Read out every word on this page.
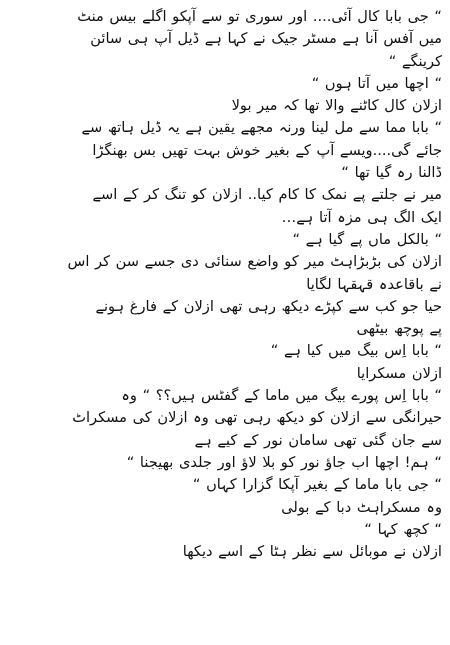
“ جی بابا کال آئی.... اور سوری تو سے آپکو اگلے بیس منٹ
میں آفس آنا ہے مسٹر جیک نے کہا ہے ڈیل آپ ہی سائن
کرینگے “
“ اچھا میں آتا ہوں “
ازلان کال کاٹنے والا تھا کہ میر بولا
“ بابا مما سے مل لینا ورنہ مجھے یقین ہے یہ ڈیل ہاتھ سے
جائے گی....ویسے آپ کے بغیر خوش بہت تھیں بس بھنگڑا
ڈالنا رہ گیا تھا “
میر نے جلتے پے نمک کا کام کیا.. ازلان کو تنگ کر کے اسے
ایک الگ ہی مزہ آتا ہے…
“ بالکل ماں پے گیا ہے “
ازلان کی بڑبڑاہٹ میر کو واضع سنائی دی جسے سن کر اس
نے باقاعدہ قہقہا لگایا
حیا جو کب سے کپڑے دیکھ رہی تھی ازلان کے فارغ ہونے
پے پوچھ بیٹھی
“ بابا اِس بیگ میں کیا ہے “
ازلان مسکرایا
“ بابا اِس پورے بیگ میں ماما کے گفٹس ہیں؟؟ “ وہ
حیرانگی سے ازلان کو دیکھ رہی تھی وہ ازلان کی مسکراٹ
سے جان گئی تھی سامان نور کے کیے ہے
“ ہم! اچھا اب جاؤ نور کو بلا لاؤ اور جلدی بھیجنا “
“ جی بابا ماما کے بغیر آپکا گزارا کہاں “
وہ مسکراہٹ دبا کے بولی
“ کچھ کہا “
ازلان نے موبائل سے نظر ہٹا کے اسے دیکھا
